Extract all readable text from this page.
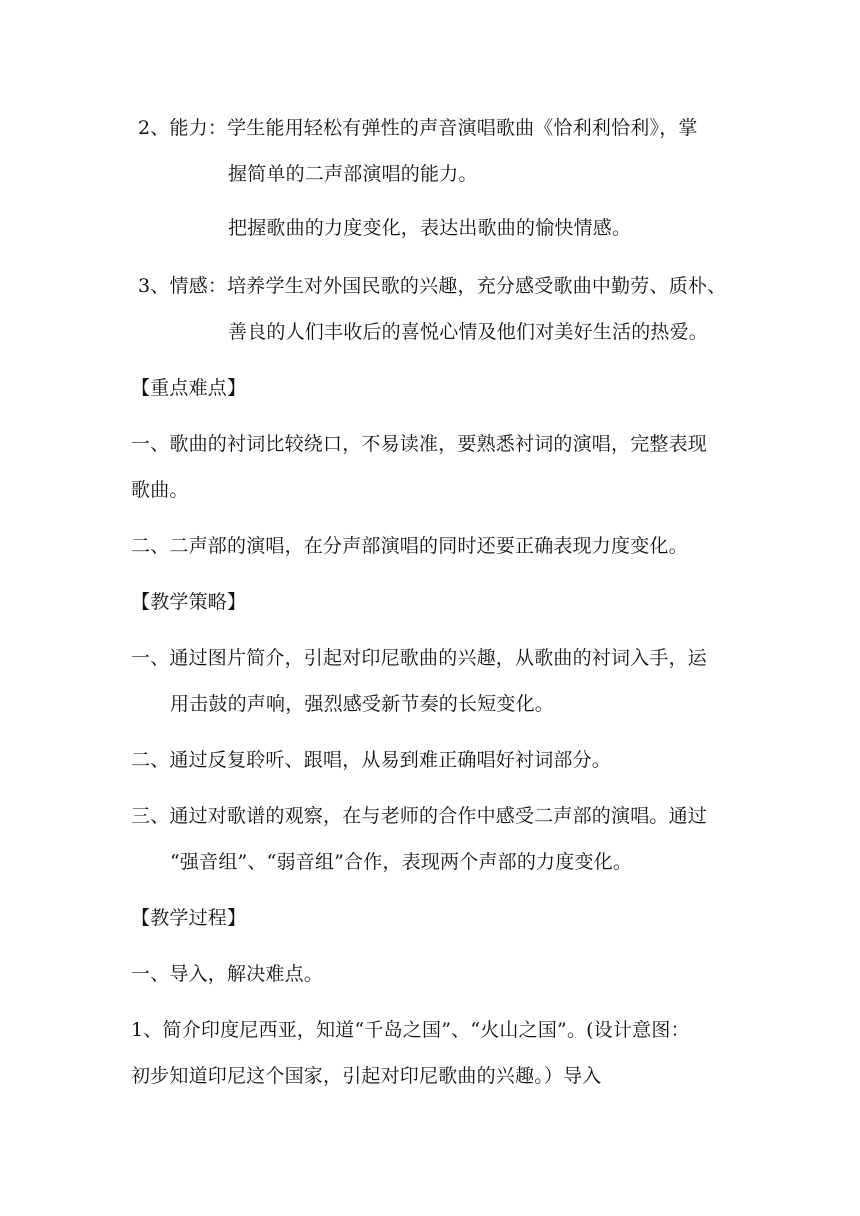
2、能力：学生能用轻松有弹性的声音演唱歌曲《恰利利恰利》，掌
握简单的二声部演唱的能力。
把握歌曲的力度变化，表达出歌曲的愉快情感。
3、情感：培养学生对外国民歌的兴趣，充分感受歌曲中勤劳、质朴、
善良的人们丰收后的喜悦心情及他们对美好生活的热爱。
【重点难点】
一、歌曲的衬词比较绕口，不易读准，要熟悉衬词的演唱，完整表现
歌曲。
二、二声部的演唱，在分声部演唱的同时还要正确表现力度变化。
【教学策略】
一、通过图片简介，引起对印尼歌曲的兴趣，从歌曲的衬词入手，运
用击鼓的声响，强烈感受新节奏的长短变化。
二、通过反复聆听、跟唱，从易到难正确唱好衬词部分。
三、通过对歌谱的观察，在与老师的合作中感受二声部的演唱。通过
“强音组”、“弱音组”合作，表现两个声部的力度变化。
【教学过程】
一、导入，解决难点。
1、简介印度尼西亚，知道“千岛之国”、“火山之国”。(设计意图：
初步知道印尼这个国家，引起对印尼歌曲的兴趣。）导入
